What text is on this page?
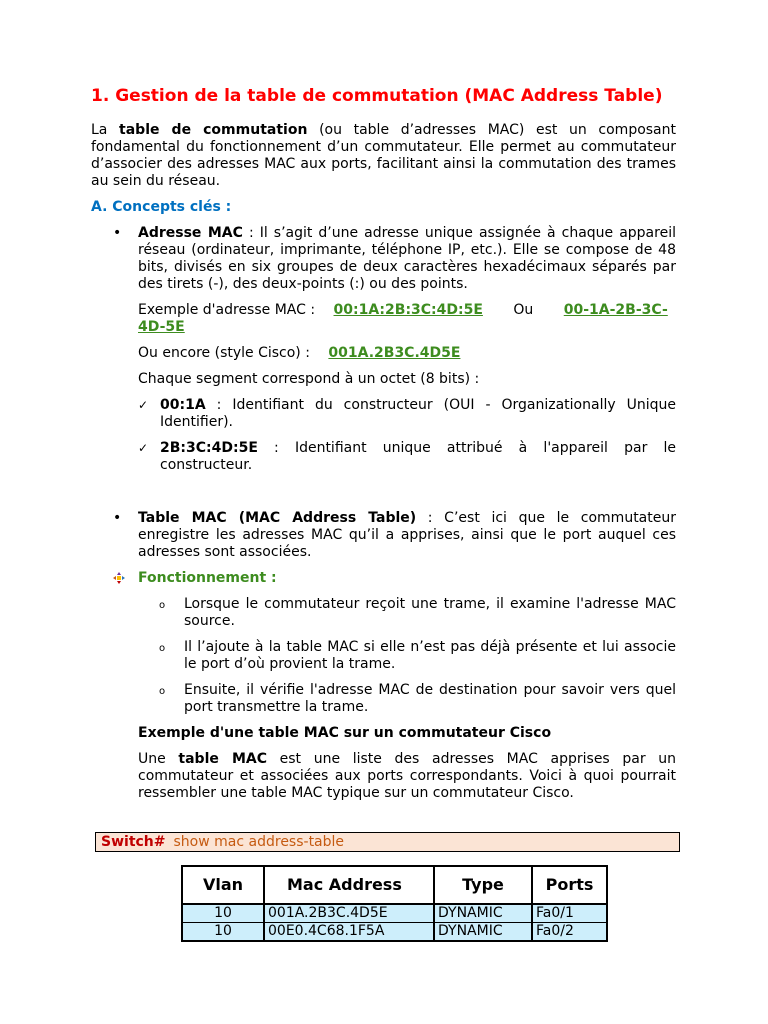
1. Gestion de la table de commutation (MAC Address Table)

La table de commutation (ou table d’adresses MAC) est un composant fondamental du fonctionnement d’un commutateur. Elle permet au commutateur d’associer des adresses MAC aux ports, facilitant ainsi la commutation des trames au sein du réseau.

A. Concepts clés :
• Adresse MAC : Il s’agit d’une adresse unique assignée à chaque appareil réseau (ordinateur, imprimante, téléphone IP, etc.). Elle se compose de 48 bits, divisés en six groupes de deux caractères hexadécimaux séparés par des tirets (-), des deux-points (:) ou des points.

Exemple d'adresse MAC : 00:1A:2B:3C:4D:5E Ou 00-1A-2B-3C-4D-5E

Ou encore (style Cisco) : 001A.2B3C.4D5E

Chaque segment correspond à un octet (8 bits) :

✓ 00:1A : Identifiant du constructeur (OUI - Organizationally Unique Identifier).

✓ 2B:3C:4D:5E : Identifiant unique attribué à l'appareil par le constructeur.

• Table MAC (MAC Address Table) : C’est ici que le commutateur enregistre les adresses MAC qu’il a apprises, ainsi que le port auquel ces adresses sont associées.

Fonctionnement :

o Lorsque le commutateur reçoit une trame, il examine l'adresse MAC source.

o Il l’ajoute à la table MAC si elle n’est pas déjà présente et lui associe le port d’où provient la trame.

o Ensuite, il vérifie l'adresse MAC de destination pour savoir vers quel port transmettre la trame.

Exemple d'une table MAC sur un commutateur Cisco

Une table MAC est une liste des adresses MAC apprises par un commutateur et associées aux ports correspondants. Voici à quoi pourrait ressembler une table MAC typique sur un commutateur Cisco.

Switch# show mac address-table
Vlan	Mac Address	Type	Ports
10	001A.2B3C.4D5E	DYNAMIC	Fa0/1
10	00E0.4C68.1F5A	DYNAMIC	Fa0/2
